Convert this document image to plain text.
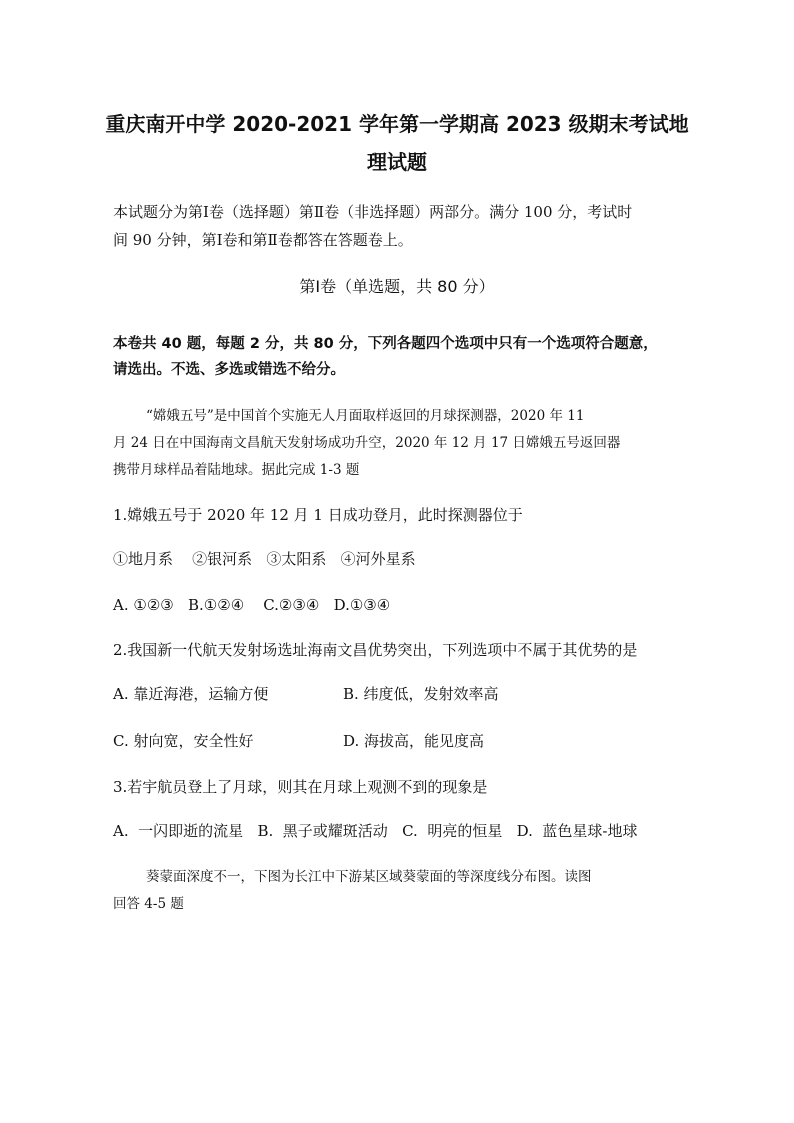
重庆南开中学 2020-2021 学年第一学期高 2023 级期末考试地
理试题
本试题分为第Ⅰ卷（选择题）第Ⅱ卷（非选择题）两部分。满分 100 分，考试时
间 90 分钟，第Ⅰ卷和第Ⅱ卷都答在答题卷上。
第Ⅰ卷（单选题，共 80 分）
本卷共 40 题，每题 2 分，共 80 分，下列各题四个选项中只有一个选项符合题意，
请选出。不选、多选或错选不给分。
“嫦娥五号”是中国首个实施无人月面取样返回的月球探测器，2020 年 11
月 24 日在中国海南文昌航天发射场成功升空，2020 年 12 月 17 日嫦娥五号返回器
携带月球样品着陆地球。据此完成 1-3 题
1.嫦娥五号于 2020 年 12 月 1 日成功登月，此时探测器位于
①地月系    ②银河系   ③太阳系   ④河外星系
A. ①②③   B.①②④    C.②③④   D.①③④
2.我国新一代航天发射场选址海南文昌优势突出，下列选项中不属于其优势的是
A. 靠近海港，运输方便	B. 纬度低，发射效率高
C. 射向宽，安全性好	D. 海拔高，能见度高
3.若宇航员登上了月球，则其在月球上观测不到的现象是
A.  一闪即逝的流星   B.  黑子或耀斑活动   C.  明亮的恒星   D.  蓝色星球-地球
葵蒙面深度不一，下图为长江中下游某区域葵蒙面的等深度线分布图。读图
回答 4-5 题
